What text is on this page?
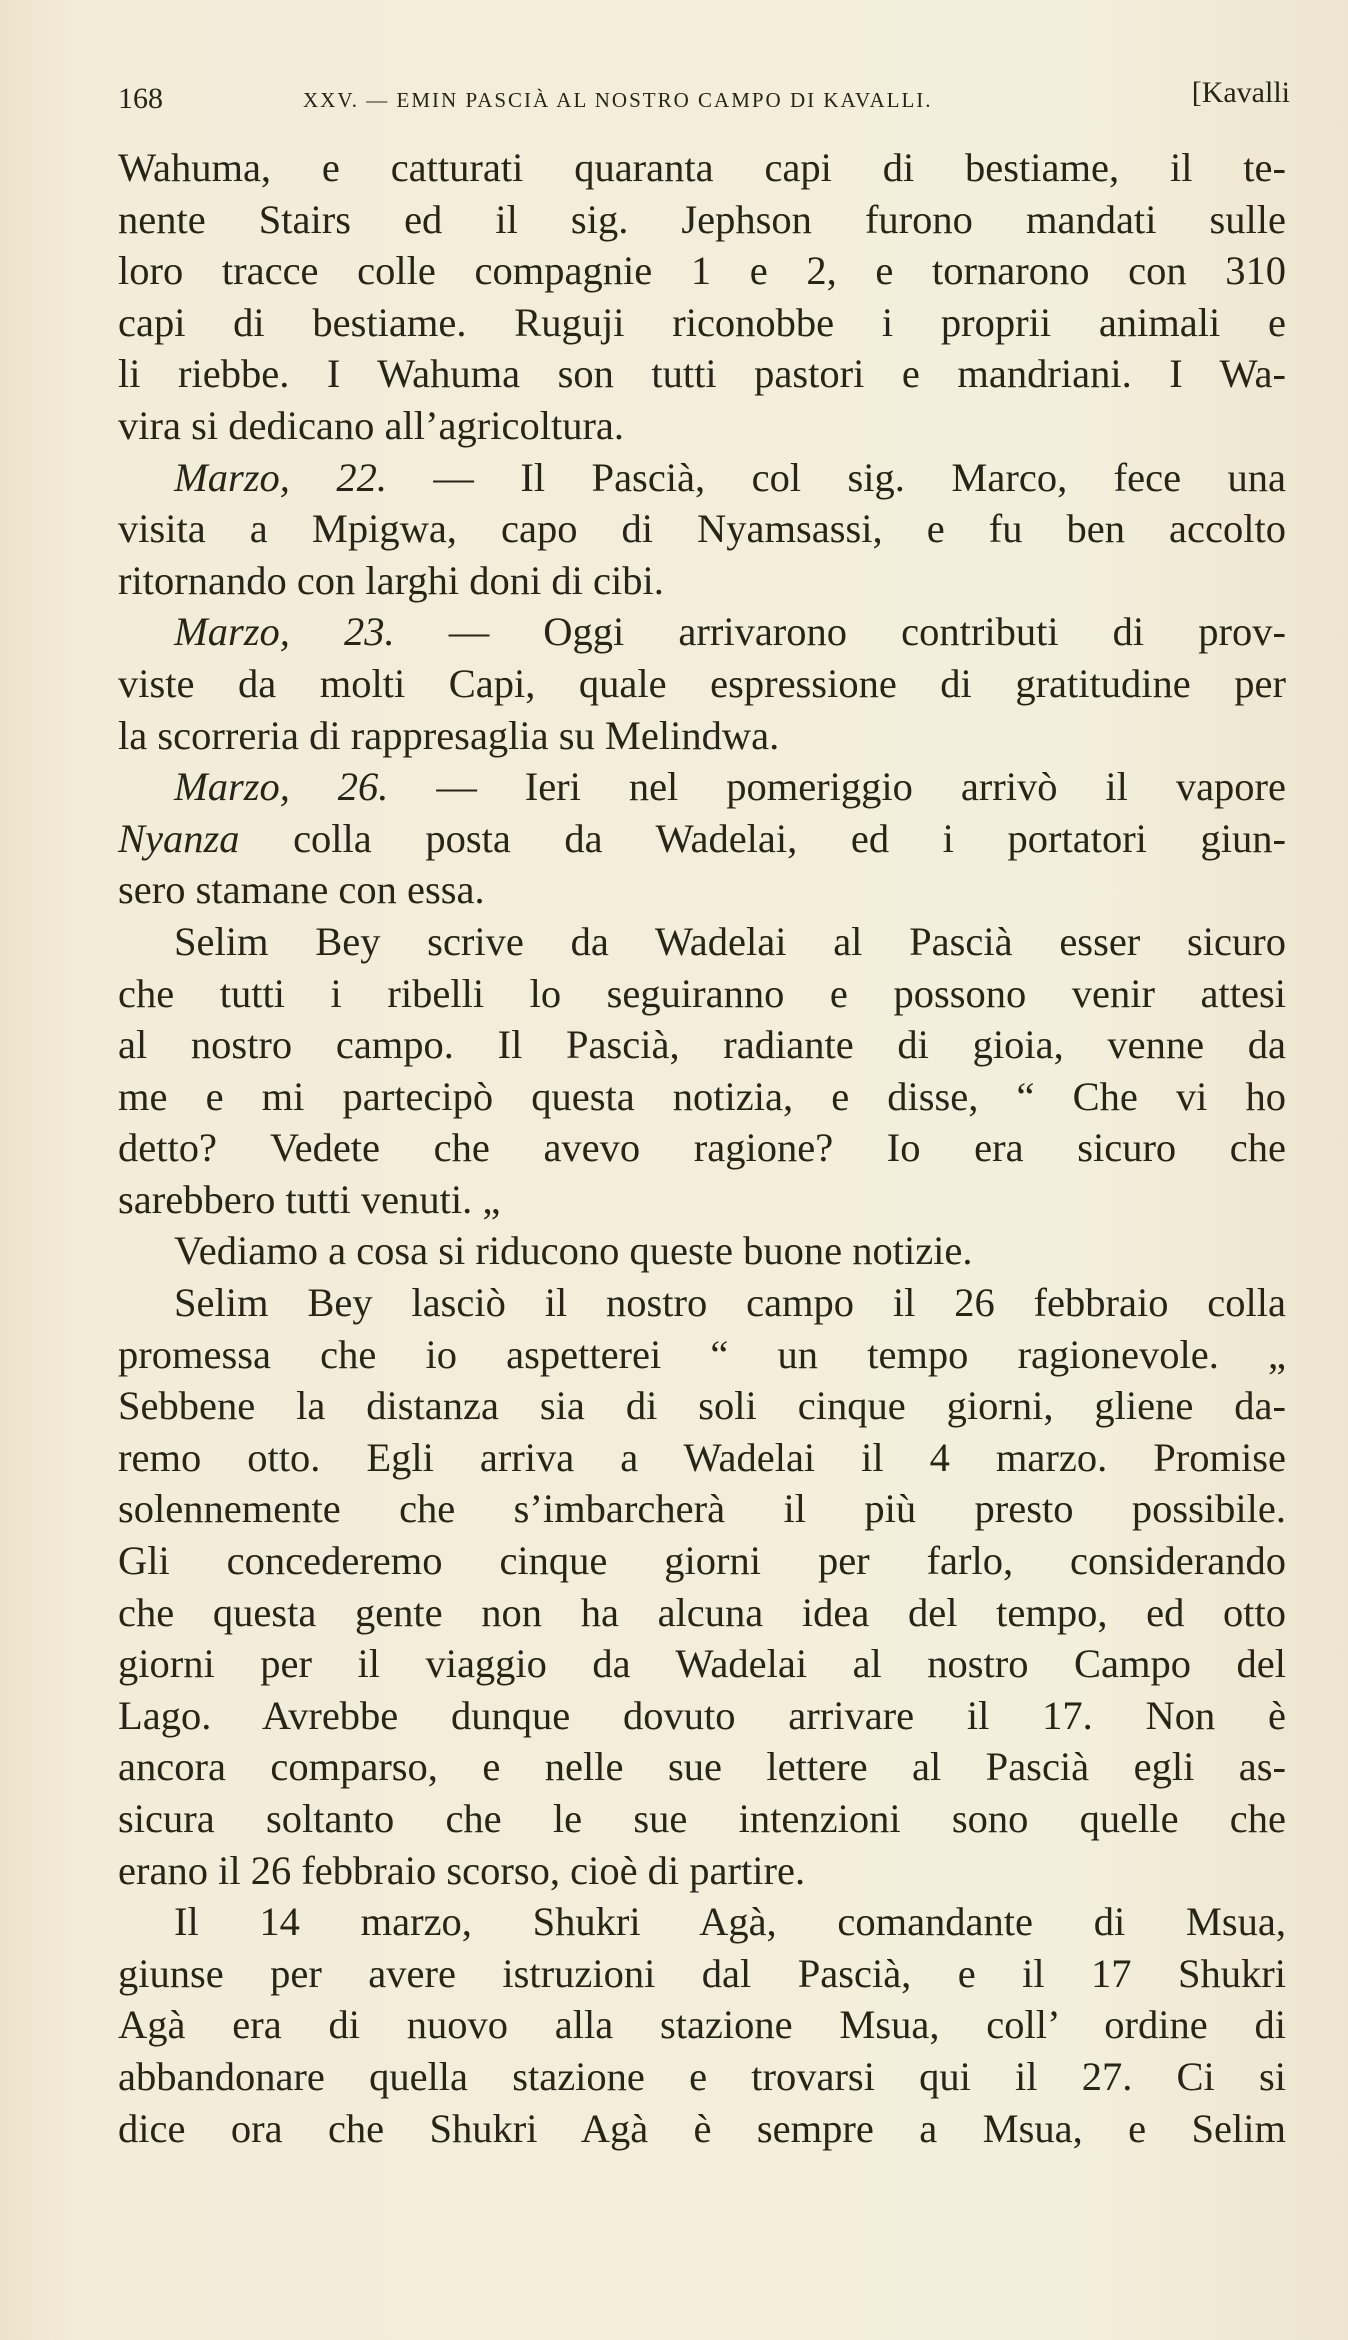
168	XXV. — EMIN PASCIÀ AL NOSTRO CAMPO DI KAVALLI.	[Kavalli
Wahuma, e catturati quaranta capi di bestiame, il te-
nente Stairs ed il sig. Jephson furono mandati sulle
loro tracce colle compagnie 1 e 2, e tornarono con 310
capi di bestiame. Ruguji riconobbe i proprii animali e
li riebbe. I Wahuma son tutti pastori e mandriani. I Wa-
vira si dedicano all’agricoltura.
Marzo, 22. — Il Pascià, col sig. Marco, fece una
visita a Mpigwa, capo di Nyamsassi, e fu ben accolto
ritornando con larghi doni di cibi.
Marzo, 23. — Oggi arrivarono contributi di prov-
viste da molti Capi, quale espressione di gratitudine per
la scorreria di rappresaglia su Melindwa.
Marzo, 26. — Ieri nel pomeriggio arrivò il vapore
Nyanza colla posta da Wadelai, ed i portatori giun-
sero stamane con essa.
Selim Bey scrive da Wadelai al Pascià esser sicuro
che tutti i ribelli lo seguiranno e possono venir attesi
al nostro campo. Il Pascià, radiante di gioia, venne da
me e mi partecipò questa notizia, e disse, “ Che vi ho
detto? Vedete che avevo ragione? Io era sicuro che
sarebbero tutti venuti. „
Vediamo a cosa si riducono queste buone notizie.
Selim Bey lasciò il nostro campo il 26 febbraio colla
promessa che io aspetterei “ un tempo ragionevole. „
Sebbene la distanza sia di soli cinque giorni, gliene da-
remo otto. Egli arriva a Wadelai il 4 marzo. Promise
solennemente che s’imbarcherà il più presto possibile.
Gli concederemo cinque giorni per farlo, considerando
che questa gente non ha alcuna idea del tempo, ed otto
giorni per il viaggio da Wadelai al nostro Campo del
Lago. Avrebbe dunque dovuto arrivare il 17. Non è
ancora comparso, e nelle sue lettere al Pascià egli as-
sicura soltanto che le sue intenzioni sono quelle che
erano il 26 febbraio scorso, cioè di partire.
Il 14 marzo, Shukri Agà, comandante di Msua,
giunse per avere istruzioni dal Pascià, e il 17 Shukri
Agà era di nuovo alla stazione Msua, coll’ ordine di
abbandonare quella stazione e trovarsi qui il 27. Ci si
dice ora che Shukri Agà è sempre a Msua, e Selim
